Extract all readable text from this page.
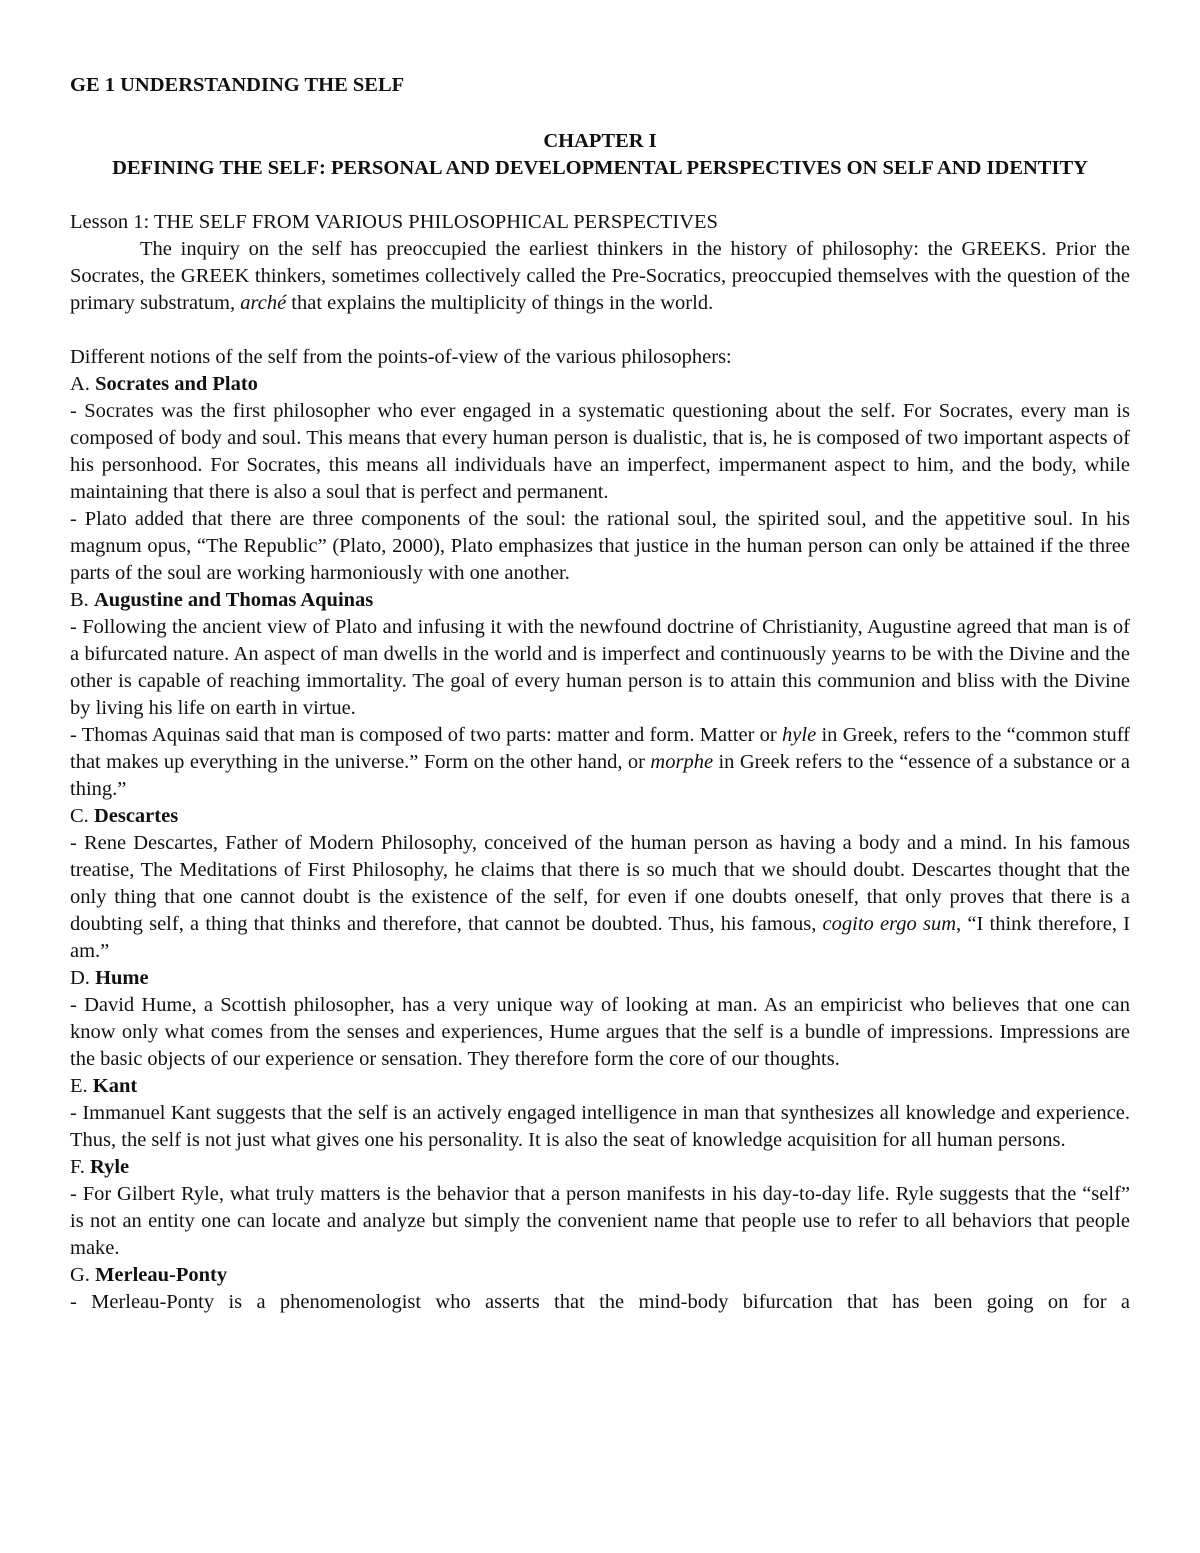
GE 1 UNDERSTANDING THE SELF

CHAPTER I

DEFINING THE SELF: PERSONAL AND DEVELOPMENTAL PERSPECTIVES ON SELF AND IDENTITY

Lesson 1: THE SELF FROM VARIOUS PHILOSOPHICAL PERSPECTIVES

The inquiry on the self has preoccupied the earliest thinkers in the history of philosophy: the GREEKS. Prior the Socrates, the GREEK thinkers, sometimes collectively called the Pre-Socratics, preoccupied themselves with the question of the primary substratum, arché that explains the multiplicity of things in the world.

Different notions of the self from the points-of-view of the various philosophers:

A. Socrates and Plato

- Socrates was the first philosopher who ever engaged in a systematic questioning about the self. For Socrates, every man is composed of body and soul. This means that every human person is dualistic, that is, he is composed of two important aspects of his personhood. For Socrates, this means all individuals have an imperfect, impermanent aspect to him, and the body, while maintaining that there is also a soul that is perfect and permanent.

- Plato added that there are three components of the soul: the rational soul, the spirited soul, and the appetitive soul. In his magnum opus, “The Republic” (Plato, 2000), Plato emphasizes that justice in the human person can only be attained if the three parts of the soul are working harmoniously with one another.

B. Augustine and Thomas Aquinas

- Following the ancient view of Plato and infusing it with the newfound doctrine of Christianity, Augustine agreed that man is of a bifurcated nature. An aspect of man dwells in the world and is imperfect and continuously yearns to be with the Divine and the other is capable of reaching immortality. The goal of every human person is to attain this communion and bliss with the Divine by living his life on earth in virtue.

- Thomas Aquinas said that man is composed of two parts: matter and form. Matter or hyle in Greek, refers to the “common stuff that makes up everything in the universe.” Form on the other hand, or morphe in Greek refers to the “essence of a substance or a thing.”

C. Descartes

- Rene Descartes, Father of Modern Philosophy, conceived of the human person as having a body and a mind. In his famous treatise, The Meditations of First Philosophy, he claims that there is so much that we should doubt. Descartes thought that the only thing that one cannot doubt is the existence of the self, for even if one doubts oneself, that only proves that there is a doubting self, a thing that thinks and therefore, that cannot be doubted. Thus, his famous, cogito ergo sum, “I think therefore, I am.”

D. Hume

- David Hume, a Scottish philosopher, has a very unique way of looking at man. As an empiricist who believes that one can know only what comes from the senses and experiences, Hume argues that the self is a bundle of impressions. Impressions are the basic objects of our experience or sensation. They therefore form the core of our thoughts.

E. Kant

- Immanuel Kant suggests that the self is an actively engaged intelligence in man that synthesizes all knowledge and experience. Thus, the self is not just what gives one his personality. It is also the seat of knowledge acquisition for all human persons.

F. Ryle

- For Gilbert Ryle, what truly matters is the behavior that a person manifests in his day-to-day life. Ryle suggests that the “self” is not an entity one can locate and analyze but simply the convenient name that people use to refer to all behaviors that people make.

G. Merleau-Ponty

- Merleau-Ponty is a phenomenologist who asserts that the mind-body bifurcation that has been going on for a
